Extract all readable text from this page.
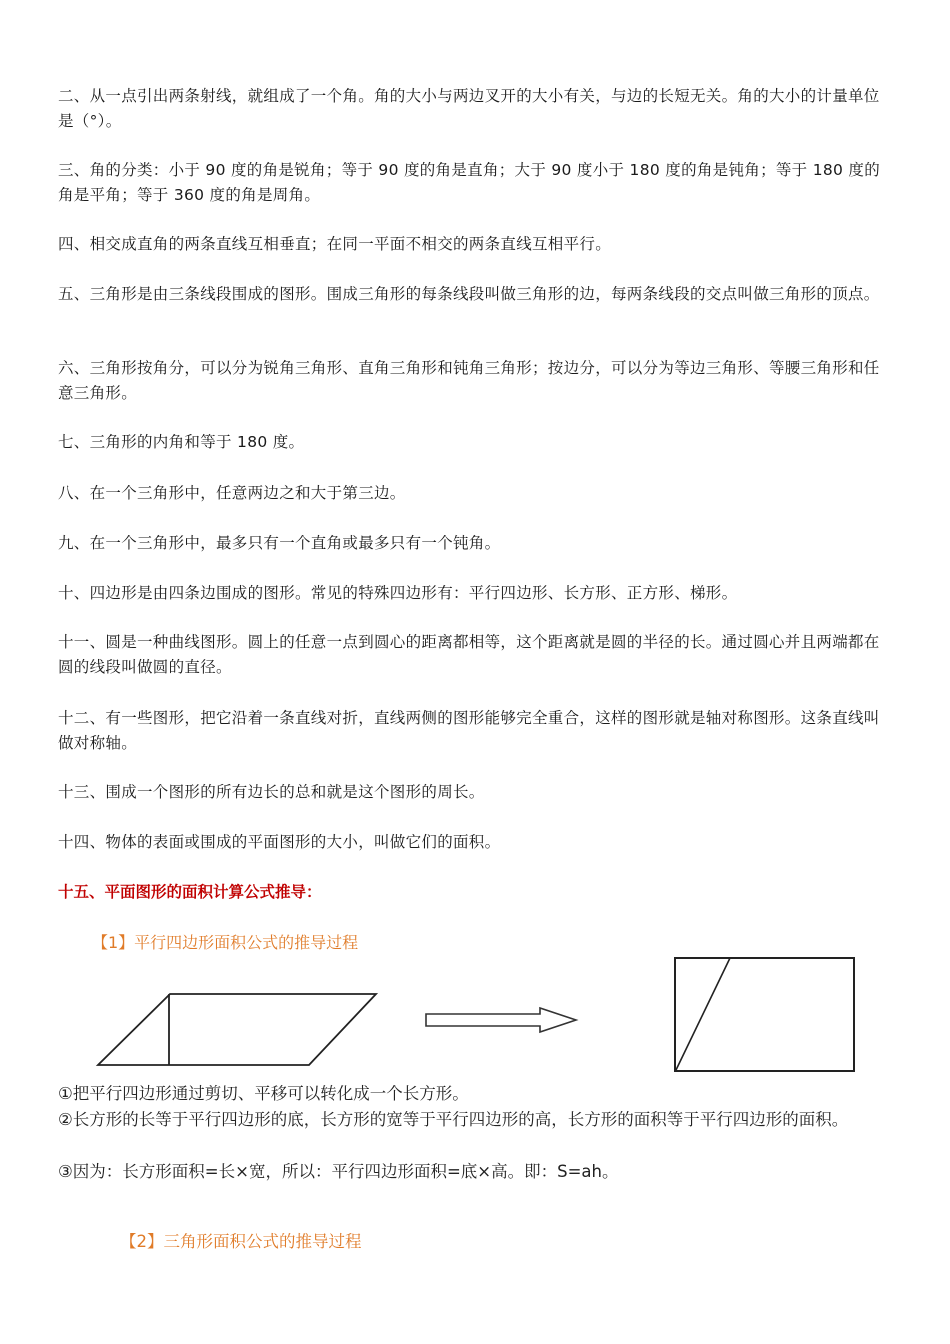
二、从一点引出两条射线，就组成了一个角。角的大小与两边叉开的大小有关，与边的长短无关。角的大小的计量单位是（°）。

三、角的分类：小于 90 度的角是锐角；等于 90 度的角是直角；大于 90 度小于 180 度的角是钝角；等于 180 度的角是平角；等于 360 度的角是周角。

四、相交成直角的两条直线互相垂直；在同一平面不相交的两条直线互相平行。

五、三角形是由三条线段围成的图形。围成三角形的每条线段叫做三角形的边，每两条线段的交点叫做三角形的顶点。

六、三角形按角分，可以分为锐角三角形、直角三角形和钝角三角形；按边分，可以分为等边三角形、等腰三角形和任意三角形。

七、三角形的内角和等于 180 度。

八、在一个三角形中，任意两边之和大于第三边。

九、在一个三角形中，最多只有一个直角或最多只有一个钝角。

十、四边形是由四条边围成的图形。常见的特殊四边形有：平行四边形、长方形、正方形、梯形。

十一、圆是一种曲线图形。圆上的任意一点到圆心的距离都相等，这个距离就是圆的半径的长。通过圆心并且两端都在圆的线段叫做圆的直径。

十二、有一些图形，把它沿着一条直线对折，直线两侧的图形能够完全重合，这样的图形就是轴对称图形。这条直线叫做对称轴。

十三、围成一个图形的所有边长的总和就是这个图形的周长。

十四、物体的表面或围成的平面图形的大小，叫做它们的面积。

十五、平面图形的面积计算公式推导：

【1】平行四边形面积公式的推导过程

①把平行四边形通过剪切、平移可以转化成一个长方形。

②长方形的长等于平行四边形的底，长方形的宽等于平行四边形的高，长方形的面积等于平行四边形的面积。

③因为：长方形面积=长×宽，所以：平行四边形面积=底×高。即：S=ah。

【2】三角形面积公式的推导过程
